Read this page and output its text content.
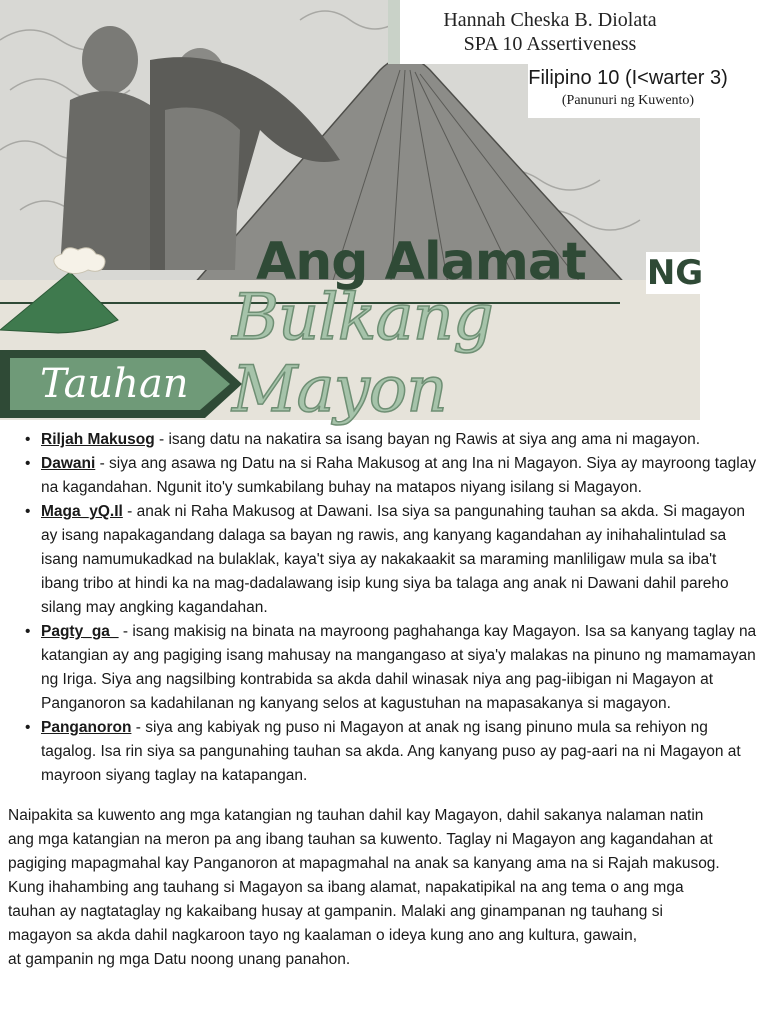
Hannah Cheska B. Diolata
SPA 10 Assertiveness
Filipino 10 (I<warter 3)
(Panunuri ng Kuwento)
Ang Alamat NG
Bulkang Mayon
Tauhan
• Riljah Makusog - isang datu na nakatira sa isang bayan ng Rawis at siya ang ama ni magayon.
• Dawani - siya ang asawa ng Datu na si Raha Makusog at ang Ina ni Magayon. Siya ay mayroong taglay na kagandahan. Ngunit ito'y sumkabilang buhay na matapos niyang isilang si Magayon.
• Maga_yQ.Il - anak ni Raha Makusog at Dawani. Isa siya sa pangunahing tauhan sa akda. Si magayon ay isang napakagandang dalaga sa bayan ng rawis, ang kanyang kagandahan ay inihahalintulad sa isang namumukadkad na bulaklak, kaya't siya ay nakakaakit sa maraming manliligaw mula sa iba't ibang tribo at hindi ka na mag-dadalawang isip kung siya ba talaga ang anak ni Dawani dahil pareho silang may angking kagandahan.
• Pagty_ga_ - isang makisig na binata na mayroong paghahanga kay Magayon. Isa sa kanyang taglay na katangian ay ang pagiging isang mahusay na mangangaso at siya'y malakas na pinuno ng mamamayan ng Iriga. Siya ang nagsilbing kontrabida sa akda dahil winasak niya ang pag-iibigan ni Magayon at Panganoron sa kadahilanan ng kanyang selos at kagustuhan na mapasakanya si magayon.
• Panganoron - siya ang kabiyak ng puso ni Magayon at anak ng isang pinuno mula sa rehiyon ng tagalog. Isa rin siya sa pangunahing tauhan sa akda. Ang kanyang puso ay pag-aari na ni Magayon at mayroon siyang taglay na katapangan.
Naipakita sa kuwento ang mga katangian ng tauhan dahil kay Magayon, dahil sakanya nalaman natin
ang mga katangian na meron pa ang ibang tauhan sa kuwento. Taglay ni Magayon ang kagandahan at
pagiging mapagmahal kay Panganoron at mapagmahal na anak sa kanyang ama na si Rajah makusog.
Kung ihahambing ang tauhang si Magayon sa ibang alamat, napakatipikal na ang tema o ang mga
tauhan ay nagtataglay ng kakaibang husay at gampanin. Malaki ang ginampanan ng tauhang si
magayon sa akda dahil nagkaroon tayo ng kaalaman o ideya kung ano ang kultura, gawain,
at gampanin ng mga Datu noong unang panahon.
